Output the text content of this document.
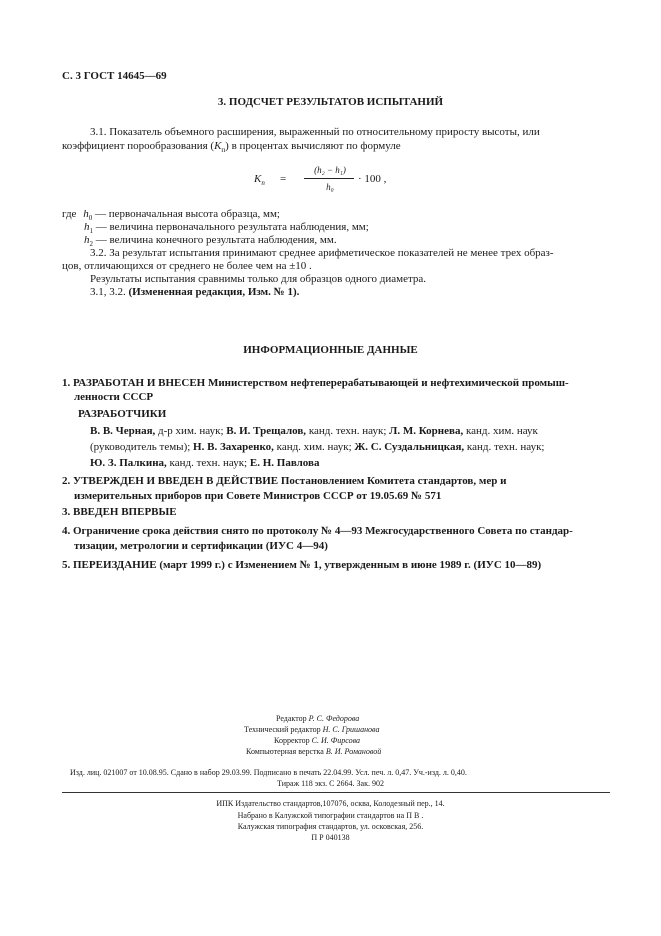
С. 3 ГОСТ 14645—69
3. ПОДСЧЕТ РЕЗУЛЬТАТОВ ИСПЫТАНИЙ
3.1. Показатель объемного расширения, выраженный по относительному приросту высоты, или
коэффициент порообразования $(K_п)$ в процентах вычисляют по формуле
$K_п$ =
(h₂ − h₁)
h₀
· 100 ,
где $h_0$ — первоначальная высота образца, мм;
$h_1$ — величина первоначального результата наблюдения, мм;
$h_2$ — величина конечного результата наблюдения, мм.
3.2. За результат испытания принимают среднее арифметическое показателей не менее трех образ-
цов, отличающихся от среднего не более чем на ±10 .
Результаты испытания сравнимы только для образцов одного диаметра.
3.1, 3.2. (Измененная редакция, Изм. № 1).
ИНФОРМАЦИОННЫЕ ДАННЫЕ
1. РАЗРАБОТАН И ВНЕСЕН Министерством нефтеперерабатывающей и нефтехимической промыш-
ленности СССР
РАЗРАБОТЧИКИ
В. В. Черная, д-р хим. наук; В. И. Трещалов, канд. техн. наук; Л. М. Корнева, канд. хим. наук
(руководитель темы); Н. В. Захаренко, канд. хим. наук; Ж. С. Суздальницкая, канд. техн. наук;
Ю. З. Палкина, канд. техн. наук; Е. Н. Павлова
2. УТВЕРЖДЕН И ВВЕДЕН В ДЕЙСТВИЕ Постановлением Комитета стандартов, мер и
измерительных приборов при Совете Министров СССР от 19.05.69 № 571
3. ВВЕДЕН ВПЕРВЫЕ
4. Ограничение срока действия снято по протоколу № 4—93 Межгосударственного Совета по стандар-
тизации, метрологии и сертификации (ИУС 4—94)
5. ПЕРЕИЗДАНИЕ (март 1999 г.) с Изменением № 1, утвержденным в июне 1989 г. (ИУС 10—89)
Редактор Р. С. Федорова
Технический редактор Н. С. Гришанова
Корректор С. И. Фирсова
Компьютерная верстка В. И. Романовой
Изд. лиц. 021007 от 10.08.95. Сдано в набор 29.03.99. Подписано в печать 22.04.99. Усл. печ. л. 0,47. Уч.-изд. л. 0,40.
Тираж 118 экз. С 2664. Зак. 902
ИПК Издательство стандартов,107076, осква, Колодезный пер., 14.
Набрано в Калужской типографии стандартов на П В .
Калужская типография стандартов, ул. осковская, 256.
П Р 040138
